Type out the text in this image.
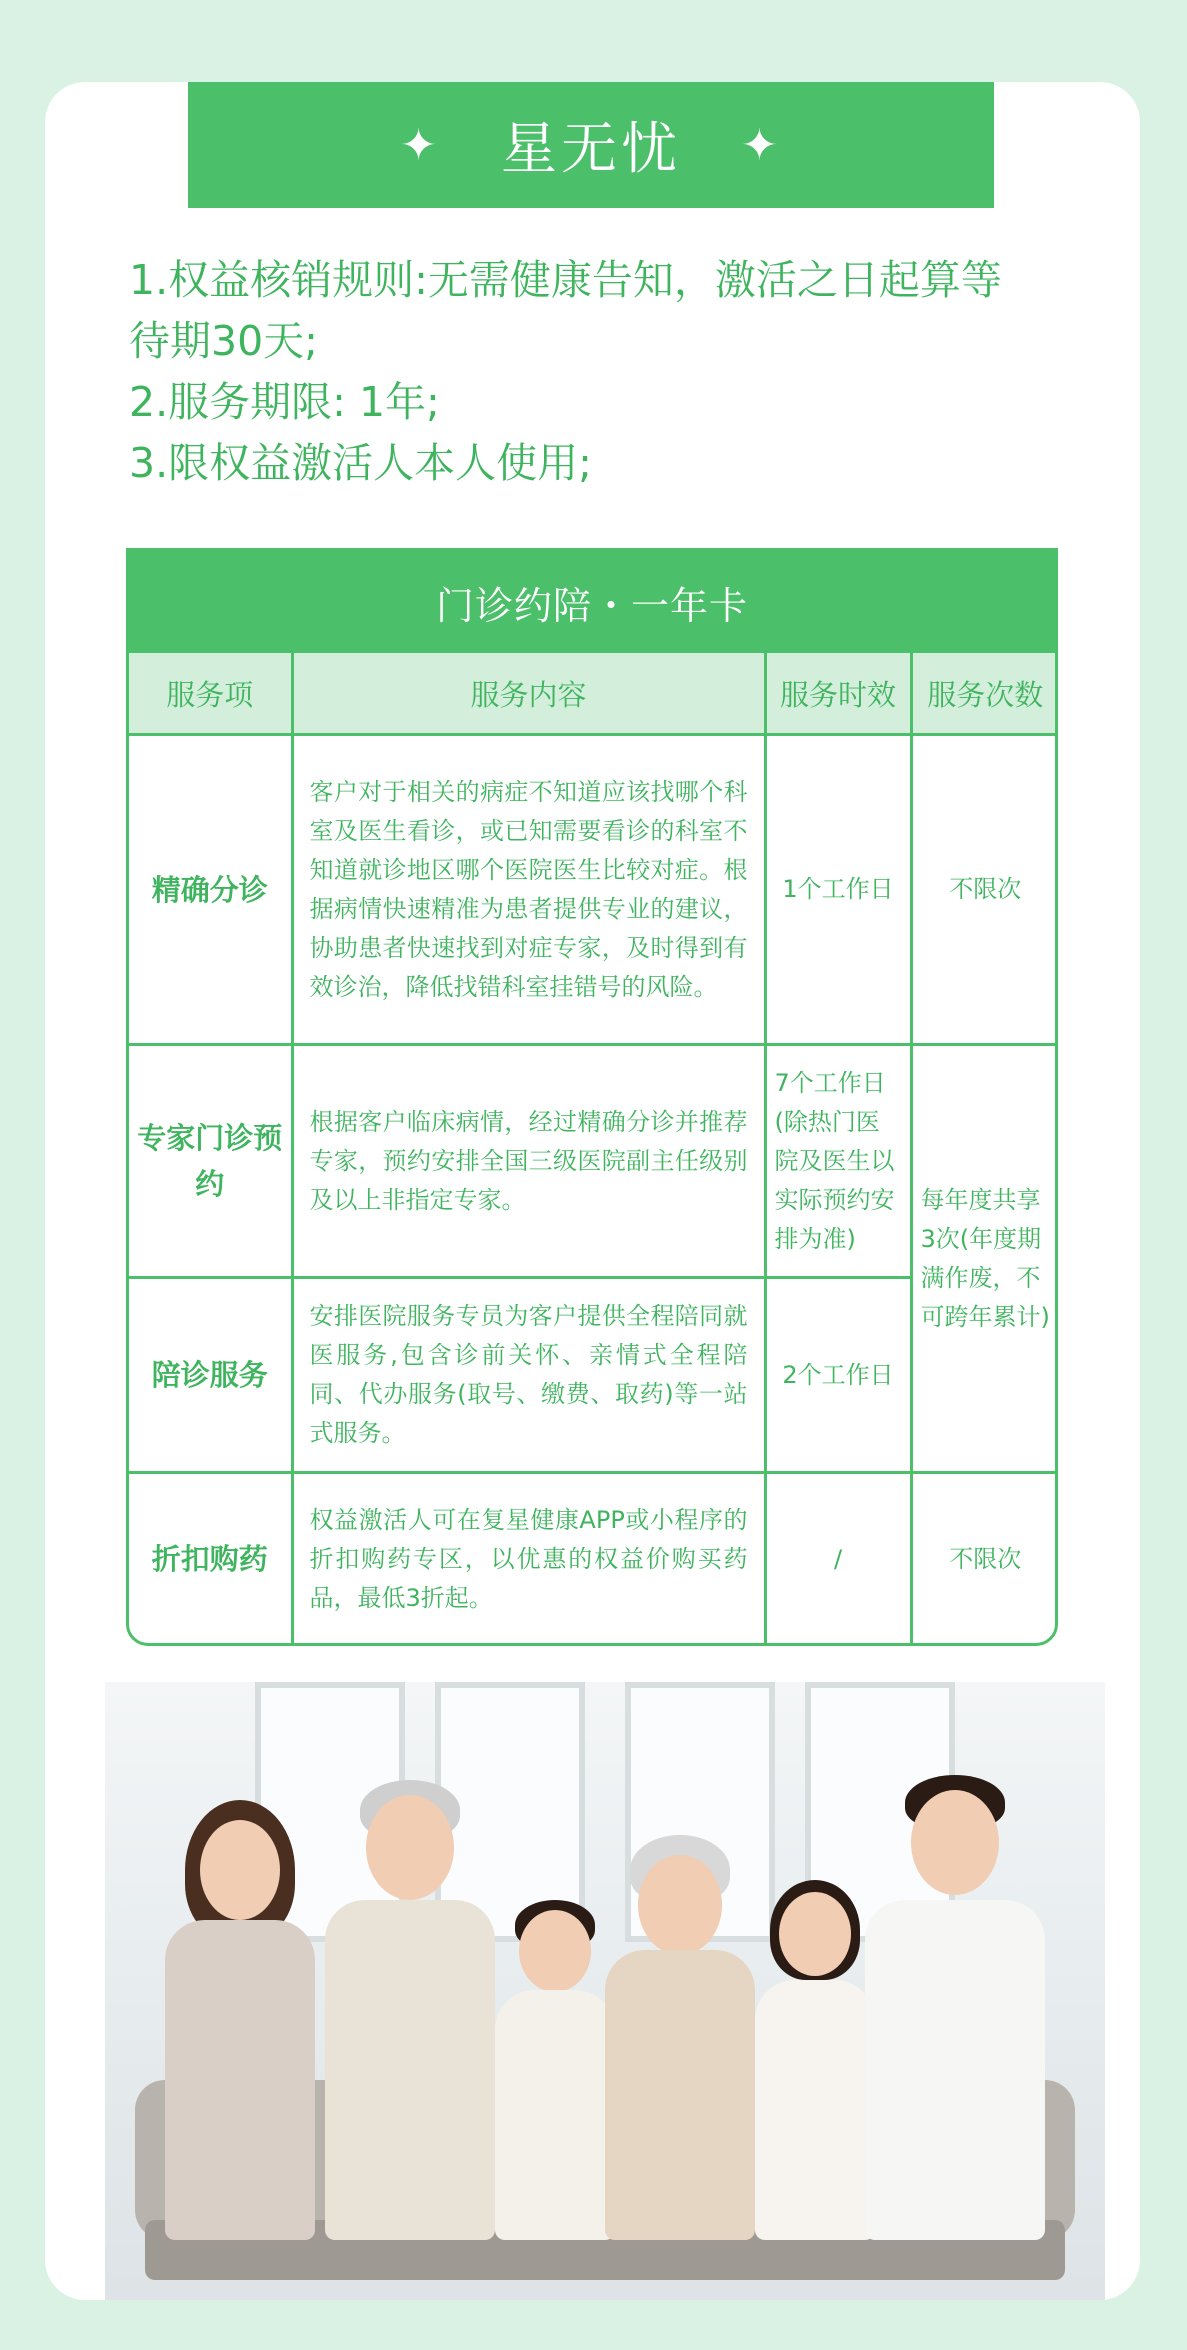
✦ 星无忧 ✦
1.权益核销规则:无需健康告知，激活之日起算等
待期30天;
2.服务期限: 1年;
3.限权益激活人本人使用;
门诊约陪・一年卡
服务项	服务内容	服务时效	服务次数
精确分诊	客户对于相关的病症不知道应该找哪个科室及医生看诊，或已知需要看诊的科室不知道就诊地区哪个医院医生比较对症。根据病情快速精准为患者提供专业的建议，协助患者快速找到对症专家，及时得到有效诊治，降低找错科室挂错号的风险。	1个工作日	不限次
专家门诊预约	根据客户临床病情，经过精确分诊并推荐专家，预约安排全国三级医院副主任级别及以上非指定专家。	7个工作日(除热门医院及医生以实际预约安排为准)	每年度共享3次(年度期满作废，不可跨年累计)
陪诊服务	安排医院服务专员为客户提供全程陪同就医服务,包含诊前关怀、亲情式全程陪同、代办服务(取号、缴费、取药)等一站式服务。	2个工作日	
折扣购药	权益激活人可在复星健康APP或小程序的折扣购药专区，以优惠的权益价购买药品，最低3折起。	/	不限次
